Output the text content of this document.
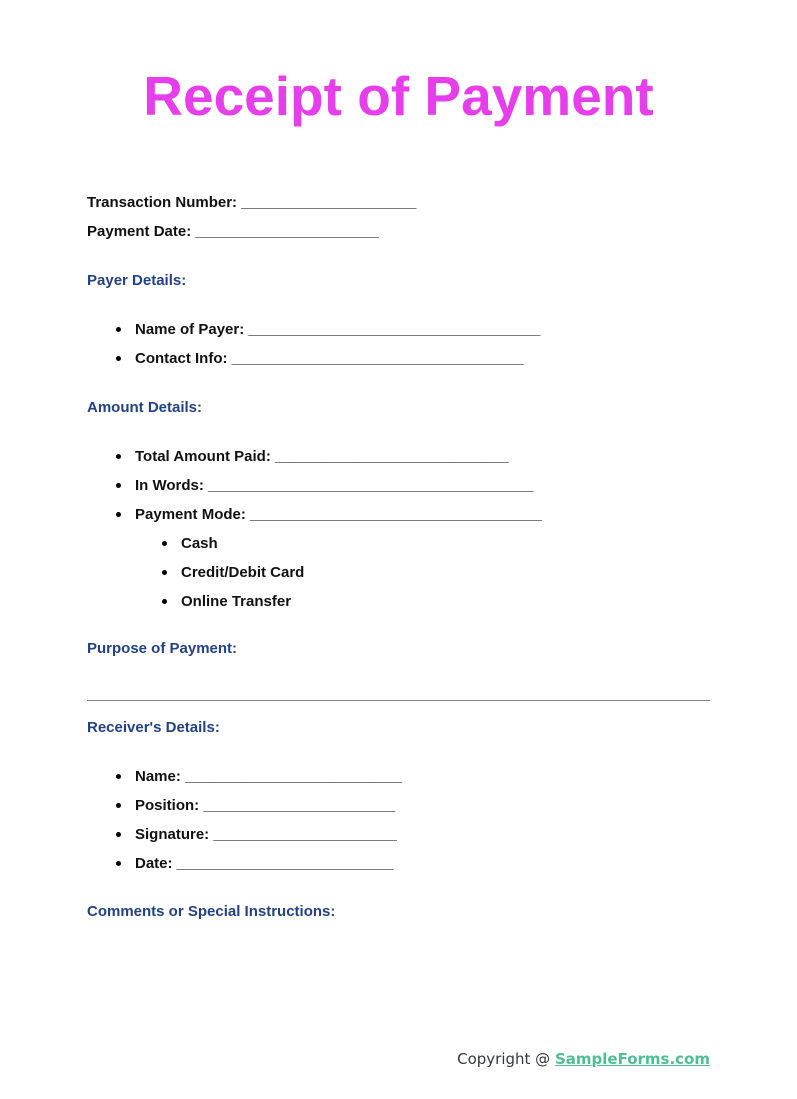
Receipt of Payment
Transaction Number: _____________________
Payment Date: ______________________
Payer Details:
Name of Payer: ___________________________________
Contact Info: ___________________________________
Amount Details:
Total Amount Paid: ____________________________
In Words: _______________________________________
Payment Mode: ___________________________________
Cash
Credit/Debit Card
Online Transfer
Purpose of Payment:
Receiver's Details:
Name: __________________________
Position: _______________________
Signature: ______________________
Date: __________________________
Comments or Special Instructions:
Copyright @ SampleForms.com
